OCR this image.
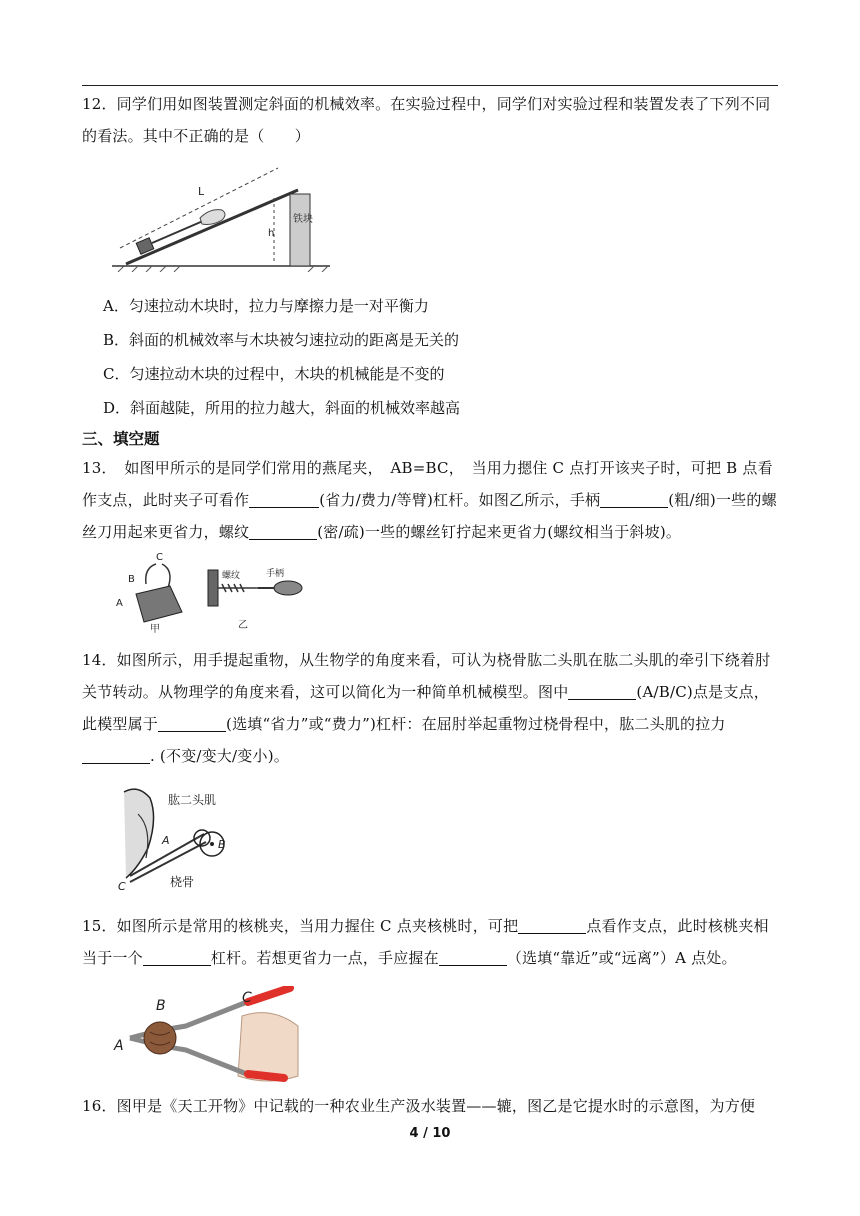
12．同学们用如图装置测定斜面的机械效率。在实验过程中，同学们对实验过程和装置发表了下列不同的看法。其中不正确的是（　　）

L
h
铁块

A．匀速拉动木块时，拉力与摩擦力是一对平衡力

B．斜面的机械效率与木块被匀速拉动的距离是无关的

C．匀速拉动木块的过程中，木块的机械能是不变的

D．斜面越陡，所用的拉力越大，斜面的机械效率越高

三、填空题

13．　如图甲所示的是同学们常用的燕尾夹，　AB=BC，　当用力摁住 C 点打开该夹子时，可把 B 点看作支点，此时夹子可看作	(省力/费力/等臂)杠杆。如图乙所示，手柄	(粗/细)一些的螺丝刀用起来更省力，螺纹	(密/疏)一些的螺丝钉拧起来更省力(螺纹相当于斜坡)。

C
B
A
甲
螺纹	手柄
乙

14．如图所示，用手提起重物，从生物学的角度来看，可认为桡骨肱二头肌在肱二头肌的牵引下绕着肘关节转动。从物理学的角度来看，这可以简化为一种简单机械模型。图中	(A/B/C)点是支点，此模型属于	(选填“省力”或“费力”)杠杆：在屈肘举起重物过桡骨程中，肱二头肌的拉力. (不变/变大/变小)。

肱二头肌
A	B
C	桡骨

15．如图所示是常用的核桃夹，当用力握住 C 点夹核桃时，可把	点看作支点，此时核桃夹相当于一个	杠杆。若想更省力一点，手应握在	（选填“靠近”或“远离”）A 点处。

A
B	C

16．图甲是《天工开物》中记载的一种农业生产汲水装置——辘，图乙是它提水时的示意图，为方便

4 / 10
